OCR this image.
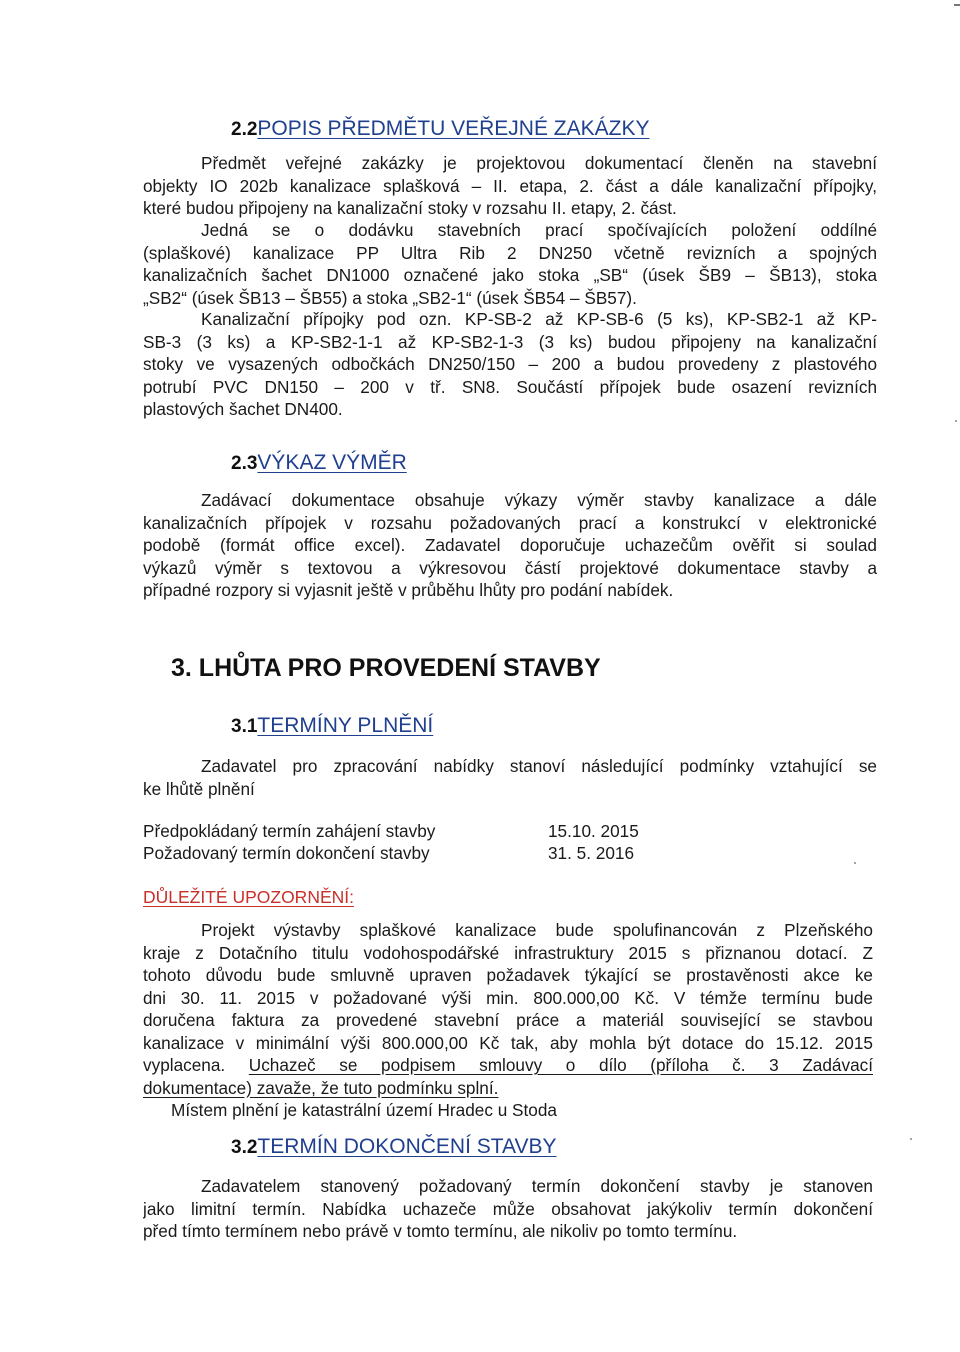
2.2POPIS PŘEDMĚTU VEŘEJNÉ ZAKÁZKY
Předmět veřejné zakázky je projektovou dokumentací členěn na stavební
objekty IO 202b kanalizace splašková – II. etapa, 2. část a dále kanalizační přípojky,
které budou připojeny na kanalizační stoky v rozsahu II. etapy, 2. část.
Jedná se o dodávku stavebních prací spočívajících položení oddílné
(splaškové) kanalizace PP Ultra Rib 2 DN250 včetně revizních a spojných
kanalizačních šachet DN1000 označené jako stoka „SB“ (úsek ŠB9 – ŠB13), stoka
„SB2“ (úsek ŠB13 – ŠB55) a stoka „SB2-1“ (úsek ŠB54 – ŠB57).
Kanalizační přípojky pod ozn. KP-SB-2 až KP-SB-6 (5 ks), KP-SB2-1 až KP-
SB-3 (3 ks) a KP-SB2-1-1 až KP-SB2-1-3 (3 ks) budou připojeny na kanalizační
stoky ve vysazených odbočkách DN250/150 – 200 a budou provedeny z plastového
potrubí PVC DN150 – 200 v tř. SN8. Součástí přípojek bude osazení revizních
plastových šachet DN400.
2.3VÝKAZ VÝMĚR
Zadávací dokumentace obsahuje výkazy výměr stavby kanalizace a dále
kanalizačních přípojek v rozsahu požadovaných prací a konstrukcí v elektronické
podobě (formát office excel). Zadavatel doporučuje uchazečům ověřit si soulad
výkazů výměr s textovou a výkresovou částí projektové dokumentace stavby a
případné rozpory si vyjasnit ještě v průběhu lhůty pro podání nabídek.
3. LHŮTA PRO PROVEDENÍ STAVBY
3.1TERMÍNY PLNĚNÍ
Zadavatel pro zpracování nabídky stanoví následující podmínky vztahující se
ke lhůtě plnění
Předpokládaný termín zahájení stavby	15.10. 2015
Požadovaný termín dokončení stavby	31. 5. 2016
DŮLEŽITÉ UPOZORNĚNÍ:
Projekt výstavby splaškové kanalizace bude spolufinancován z Plzeňského
kraje z Dotačního titulu vodohospodářské infrastruktury 2015 s přiznanou dotací. Z
tohoto důvodu bude smluvně upraven požadavek týkající se prostavěnosti akce ke
dni 30. 11. 2015 v požadované výši min. 800.000,00 Kč. V témže termínu bude
doručena faktura za provedené stavební práce a materiál související se stavbou
kanalizace v minimální výši 800.000,00 Kč tak, aby mohla být dotace do 15.12. 2015
vyplacena. Uchazeč se podpisem smlouvy o dílo (příloha č. 3 Zadávací
dokumentace) zavaže, že tuto podmínku splní.
Místem plnění je katastrální území Hradec u Stoda
3.2TERMÍN DOKONČENÍ STAVBY
Zadavatelem stanovený požadovaný termín dokončení stavby je stanoven
jako limitní termín. Nabídka uchazeče může obsahovat jakýkoliv termín dokončení
před tímto termínem nebo právě v tomto termínu, ale nikoliv po tomto termínu.
